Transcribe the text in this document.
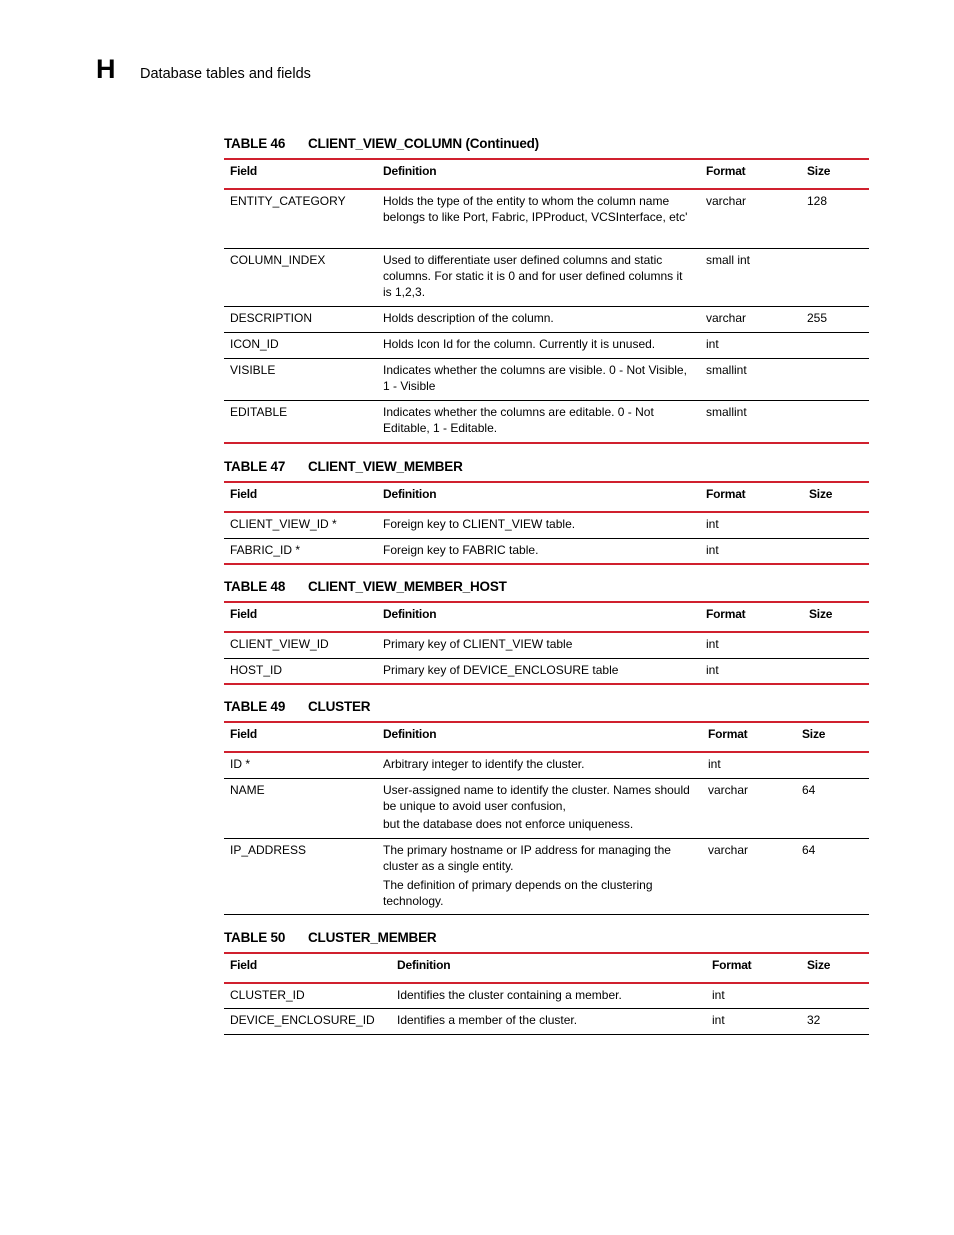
H Database tables and fields
TABLE 46 CLIENT_VIEW_COLUMN (Continued)
Field	Definition	Format	Size
ENTITY_CATEGORY	Holds the type of the entity to whom the column name belongs to like Port, Fabric, IPProduct, VCSInterface, etc'	varchar	128
COLUMN_INDEX	Used to differentiate user defined columns and static columns. For static it is 0 and for user defined columns it is 1,2,3.	small int	
DESCRIPTION	Holds description of the column.	varchar	255
ICON_ID	Holds Icon Id for the column. Currently it is unused.	int	
VISIBLE	Indicates whether the columns are visible. 0 - Not Visible, 1 - Visible	smallint	
EDITABLE	Indicates whether the columns are editable. 0 - Not Editable, 1 - Editable.	smallint	
TABLE 47 CLIENT_VIEW_MEMBER
Field	Definition	Format	Size
CLIENT_VIEW_ID *	Foreign key to CLIENT_VIEW table.	int	
FABRIC_ID *	Foreign key to FABRIC table.	int	
TABLE 48 CLIENT_VIEW_MEMBER_HOST
Field	Definition	Format	Size
CLIENT_VIEW_ID	Primary key of CLIENT_VIEW table	int	
HOST_ID	Primary key of DEVICE_ENCLOSURE table	int	
TABLE 49 CLUSTER
Field	Definition	Format	Size
ID *	Arbitrary integer to identify the cluster.	int	
NAME	User-assigned name to identify the cluster. Names should be unique to avoid user confusion,

but the database does not enforce uniqueness.	varchar	64
IP_ADDRESS	The primary hostname or IP address for managing the cluster as a single entity.

The definition of primary depends on the clustering technology.	varchar	64
TABLE 50 CLUSTER_MEMBER
Field	Definition	Format	Size
CLUSTER_ID	Identifies the cluster containing a member.	int	
DEVICE_ENCLOSURE_ID	Identifies a member of the cluster.	int	32
